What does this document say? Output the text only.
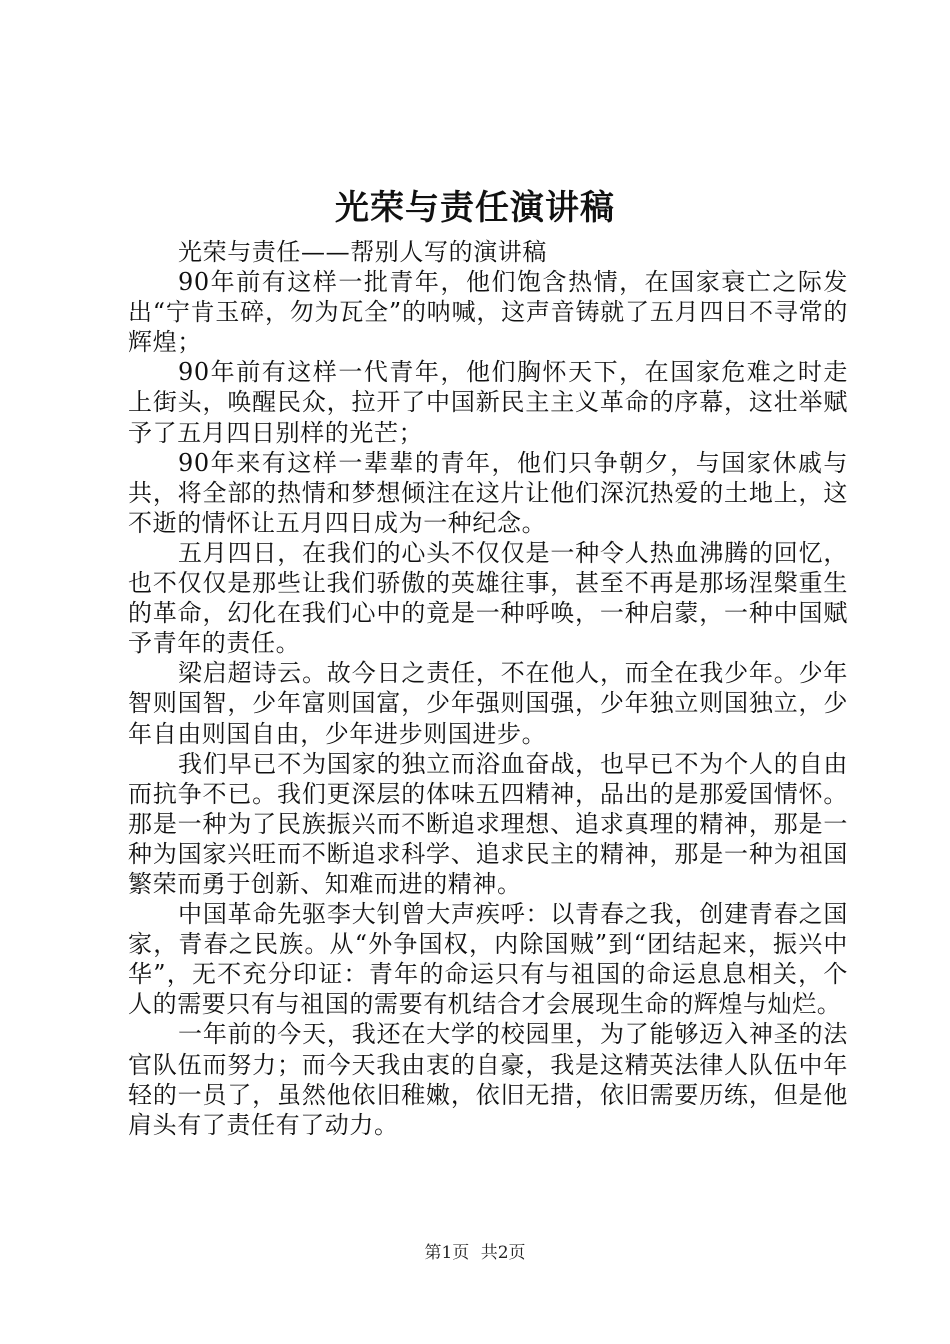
光荣与责任演讲稿

光荣与责任——帮别人写的演讲稿

90年前有这样一批青年，他们饱含热情，在国家衰亡之际发出“宁肯玉碎，勿为瓦全”的呐喊，这声音铸就了五月四日不寻常的辉煌；

90年前有这样一代青年，他们胸怀天下，在国家危难之时走上街头，唤醒民众，拉开了中国新民主主义革命的序幕，这壮举赋予了五月四日别样的光芒；

90年来有这样一辈辈的青年，他们只争朝夕，与国家休戚与共，将全部的热情和梦想倾注在这片让他们深沉热爱的土地上，这不逝的情怀让五月四日成为一种纪念。

五月四日，在我们的心头不仅仅是一种令人热血沸腾的回忆，也不仅仅是那些让我们骄傲的英雄往事，甚至不再是那场涅槃重生的革命，幻化在我们心中的竟是一种呼唤，一种启蒙，一种中国赋予青年的责任。

梁启超诗云。故今日之责任，不在他人，而全在我少年。少年智则国智，少年富则国富，少年强则国强，少年独立则国独立，少年自由则国自由，少年进步则国进步。

我们早已不为国家的独立而浴血奋战，也早已不为个人的自由而抗争不已。我们更深层的体味五四精神，品出的是那爱国情怀。那是一种为了民族振兴而不断追求理想、追求真理的精神，那是一种为国家兴旺而不断追求科学、追求民主的精神，那是一种为祖国繁荣而勇于创新、知难而进的精神。

中国革命先驱李大钊曾大声疾呼：以青春之我，创建青春之国家，青春之民族。从“外争国权，内除国贼”到“团结起来，振兴中华”，无不充分印证：青年的命运只有与祖国的命运息息相关，个人的需要只有与祖国的需要有机结合才会展现生命的辉煌与灿烂。

一年前的今天，我还在大学的校园里，为了能够迈入神圣的法官队伍而努力；而今天我由衷的自豪，我是这精英法律人队伍中年轻的一员了，虽然他依旧稚嫩，依旧无措，依旧需要历练，但是他肩头有了责任有了动力。

第1页 共2页
